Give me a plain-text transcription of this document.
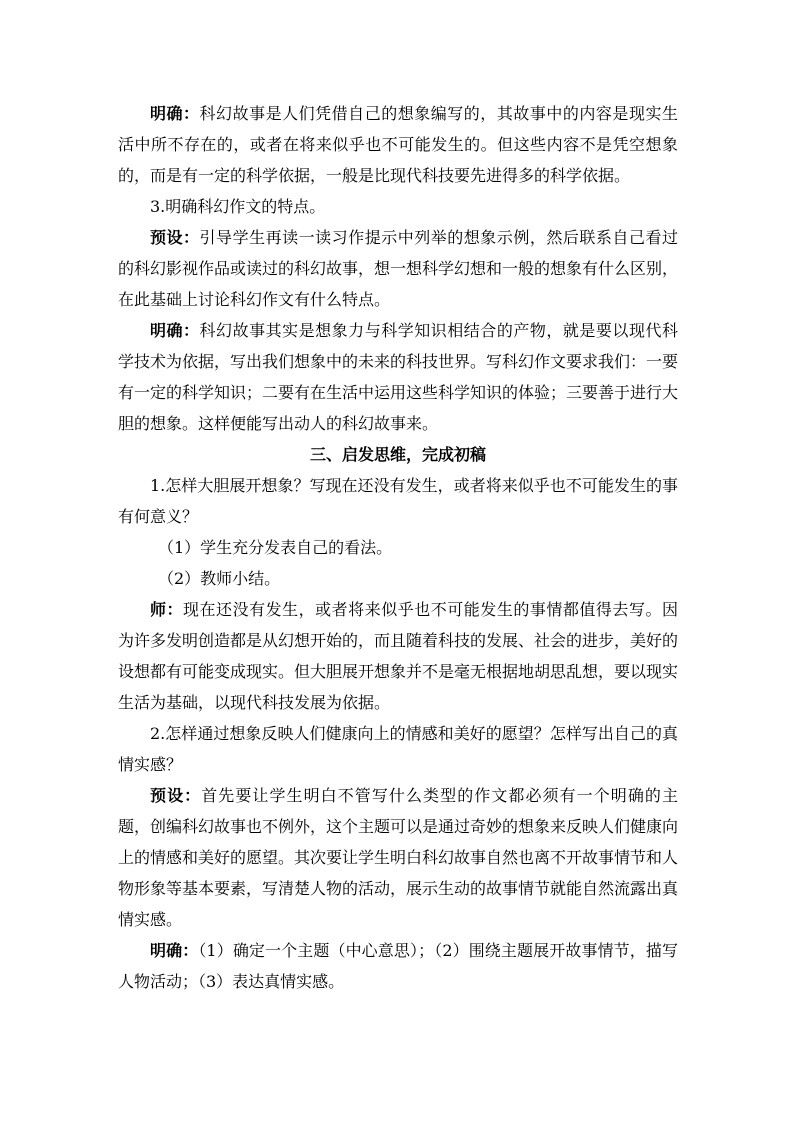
明确：科幻故事是人们凭借自己的想象编写的，其故事中的内容是现实生活中所不存在的，或者在将来似乎也不可能发生的。但这些内容不是凭空想象的，而是有一定的科学依据，一般是比现代科技要先进得多的科学依据。

3.明确科幻作文的特点。

预设：引导学生再读一读习作提示中列举的想象示例，然后联系自己看过的科幻影视作品或读过的科幻故事，想一想科学幻想和一般的想象有什么区别，在此基础上讨论科幻作文有什么特点。

明确：科幻故事其实是想象力与科学知识相结合的产物，就是要以现代科学技术为依据，写出我们想象中的未来的科技世界。写科幻作文要求我们：一要有一定的科学知识；二要有在生活中运用这些科学知识的体验；三要善于进行大胆的想象。这样便能写出动人的科幻故事来。

三、启发思维，完成初稿

1.怎样大胆展开想象？写现在还没有发生，或者将来似乎也不可能发生的事有何意义？

（1）学生充分发表自己的看法。

（2）教师小结。

师：现在还没有发生，或者将来似乎也不可能发生的事情都值得去写。因为许多发明创造都是从幻想开始的，而且随着科技的发展、社会的进步，美好的设想都有可能变成现实。但大胆展开想象并不是毫无根据地胡思乱想，要以现实生活为基础，以现代科技发展为依据。

2.怎样通过想象反映人们健康向上的情感和美好的愿望？怎样写出自己的真情实感？

预设：首先要让学生明白不管写什么类型的作文都必须有一个明确的主题，创编科幻故事也不例外，这个主题可以是通过奇妙的想象来反映人们健康向上的情感和美好的愿望。其次要让学生明白科幻故事自然也离不开故事情节和人物形象等基本要素，写清楚人物的活动，展示生动的故事情节就能自然流露出真情实感。

明确：（1）确定一个主题（中心意思）；（2）围绕主题展开故事情节，描写人物活动；（3）表达真情实感。
